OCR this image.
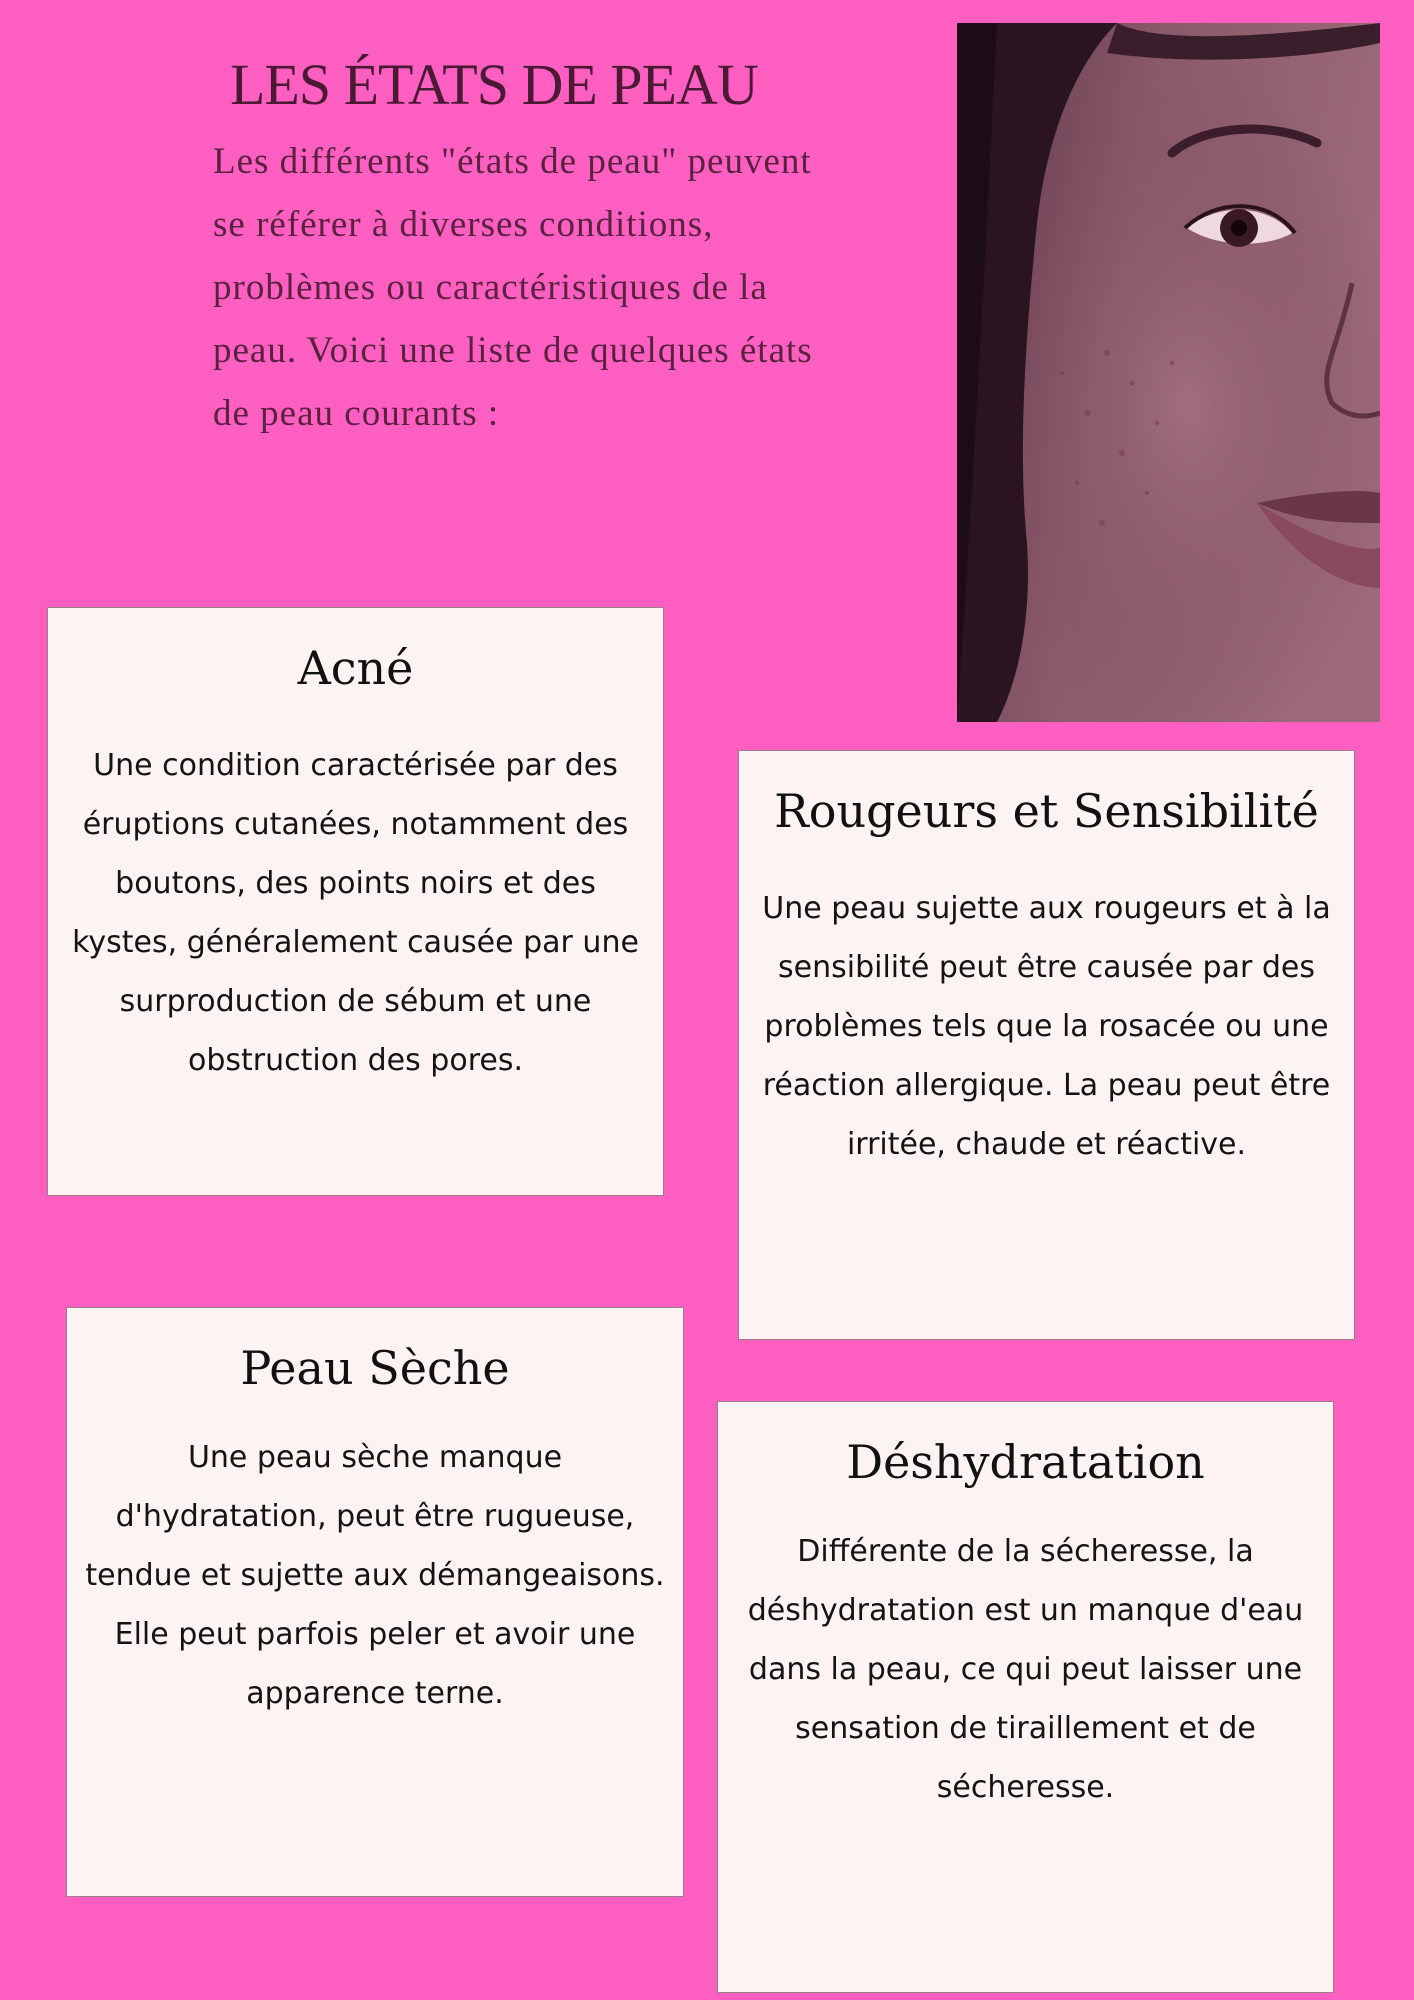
LES ÉTATS DE PEAU

Les différents "états de peau" peuvent se référer à diverses conditions, problèmes ou caractéristiques de la peau. Voici une liste de quelques états de peau courants :

Acné

Une condition caractérisée par des éruptions cutanées, notamment des boutons, des points noirs et des kystes, généralement causée par une surproduction de sébum et une obstruction des pores.

Rougeurs et Sensibilité

Une peau sujette aux rougeurs et à la sensibilité peut être causée par des problèmes tels que la rosacée ou une réaction allergique. La peau peut être irritée, chaude et réactive.

Peau Sèche

Une peau sèche manque d'hydratation, peut être rugueuse, tendue et sujette aux démangeaisons. Elle peut parfois peler et avoir une apparence terne.

Déshydratation

Différente de la sécheresse, la déshydratation est un manque d'eau dans la peau, ce qui peut laisser une sensation de tiraillement et de sécheresse.
